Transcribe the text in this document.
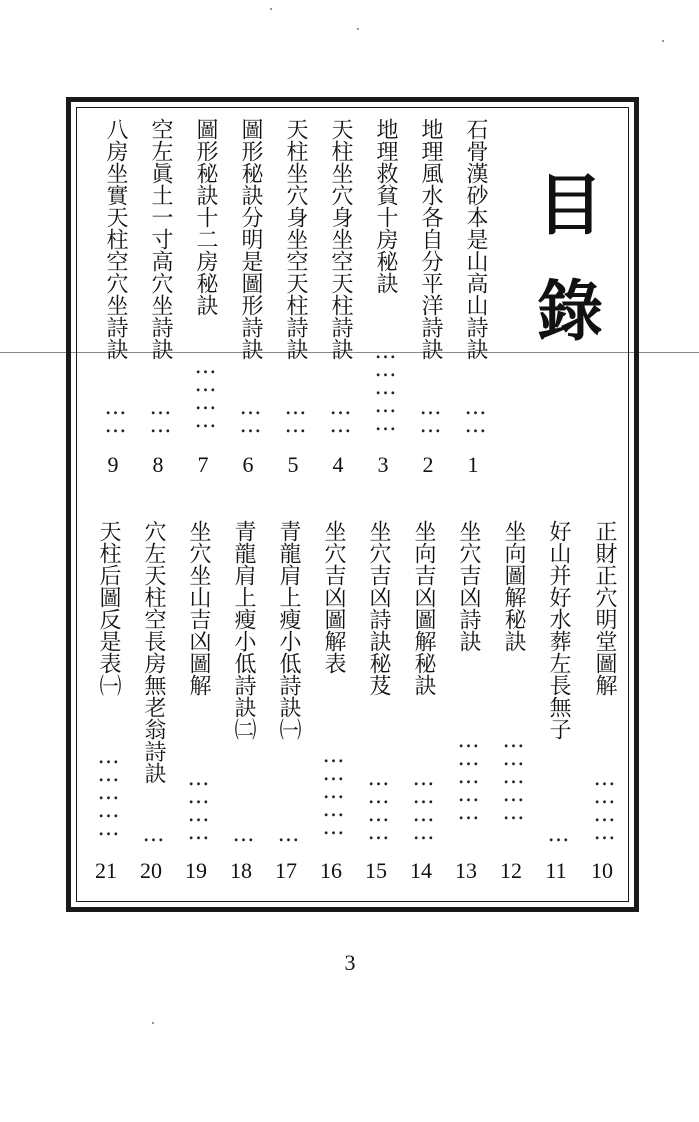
目
錄
石骨漢砂本是山高山詩訣
……
1
地理風水各自分平洋詩訣
……
2
地理救貧十房秘訣
……………
3
天柱坐穴身坐空天柱詩訣
……
4
天柱坐穴身坐空天柱詩訣
……
5
圖形秘訣分明是圖形詩訣
……
6
圖形秘訣十二房秘訣
…………
7
空左眞土一寸高穴坐詩訣
……
8
八房坐實天柱空穴坐詩訣
……
9
正財正穴明堂圖解
…………
10
好山并好水葬左長無子
…
11
坐向圖解秘訣
……………
12
坐穴吉凶詩訣
……………
13
坐向吉凶圖解秘訣
…………
14
坐穴吉凶詩訣秘芨
…………
15
坐穴吉凶圖解表
……………
16
青龍肩上瘦小低詩訣㈠
…
17
青龍肩上瘦小低詩訣㈡
…
18
坐穴坐山吉凶圖解
…………
19
穴左天柱空長房無老翁詩訣
…
20
天柱后圖反是表㈠
……………
21
3
